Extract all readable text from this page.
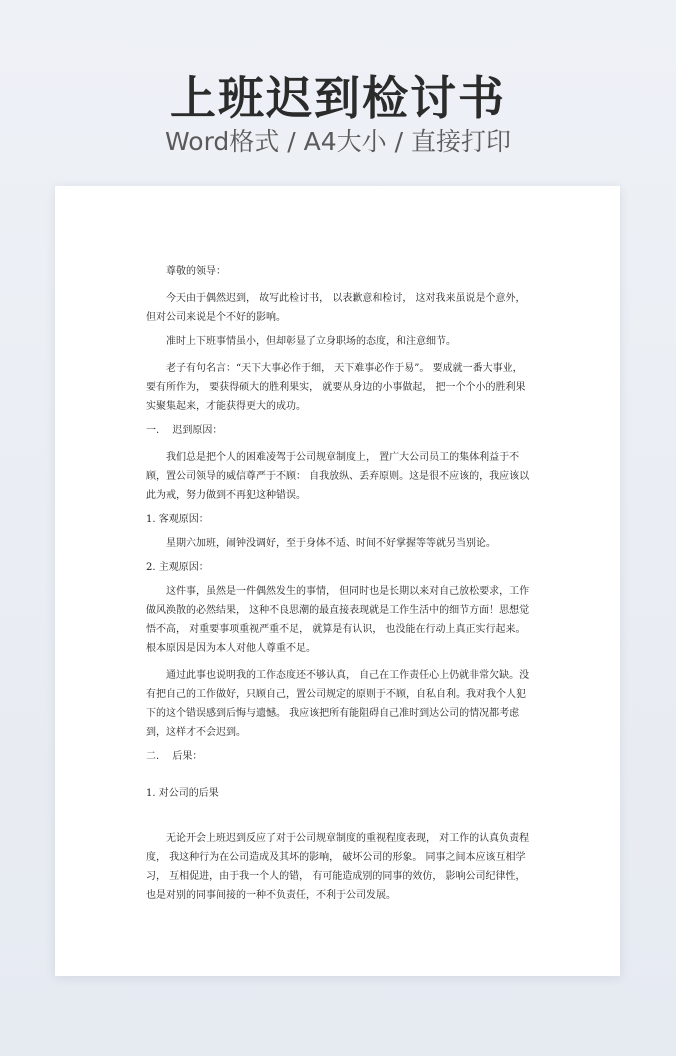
上班迟到检讨书
Word格式 / A4大小 / 直接打印

尊敬的领导：

今天由于偶然迟到， 故写此检讨书， 以表歉意和检讨， 这对我来虽说是个意外，但对公司来说是个不好的影响。

准时上下班事情虽小，但却彰显了立身职场的态度，和注意细节。

老子有句名言：“天下大事必作于细， 天下难事必作于易”。 要成就一番大事业，要有所作为， 要获得硕大的胜利果实， 就要从身边的小事做起， 把一个个小的胜利果实聚集起来，才能获得更大的成功。

一.　 迟到原因：

我们总是把个人的困难凌驾于公司规章制度上， 置广大公司员工的集体利益于不顾，置公司领导的威信尊严于不顾： 自我放纵、丢弃原则。这是很不应该的，我应该以此为戒，努力做到不再犯这种错误。

1. 客观原因：

星期六加班，闹钟没调好，至于身体不适、时间不好掌握等等就另当别论。

2. 主观原因：

这件事，虽然是一件偶然发生的事情， 但同时也是长期以来对自己放松要求，工作做风涣散的必然结果， 这种不良思潮的最直接表现就是工作生活中的细节方面！思想觉悟不高， 对重要事项重视严重不足， 就算是有认识， 也没能在行动上真正实行起来。根本原因是因为本人对他人尊重不足。

通过此事也说明我的工作态度还不够认真， 自己在工作责任心上仍就非常欠缺。没有把自己的工作做好，只顾自己，置公司规定的原则于不顾，自私自利。我对我个人犯下的这个错误感到后悔与遗憾。 我应该把所有能阻碍自己准时到达公司的情况都考虑到，这样才不会迟到。

二.　 后果：

1. 对公司的后果

无论开会上班迟到反应了对于公司规章制度的重视程度表现， 对工作的认真负责程度， 我这种行为在公司造成及其坏的影响， 破坏公司的形象。 同事之间本应该互相学习， 互相促进，由于我一个人的错， 有可能造成别的同事的效仿， 影响公司纪律性，也是对别的同事间接的一种不负责任，不利于公司发展。
